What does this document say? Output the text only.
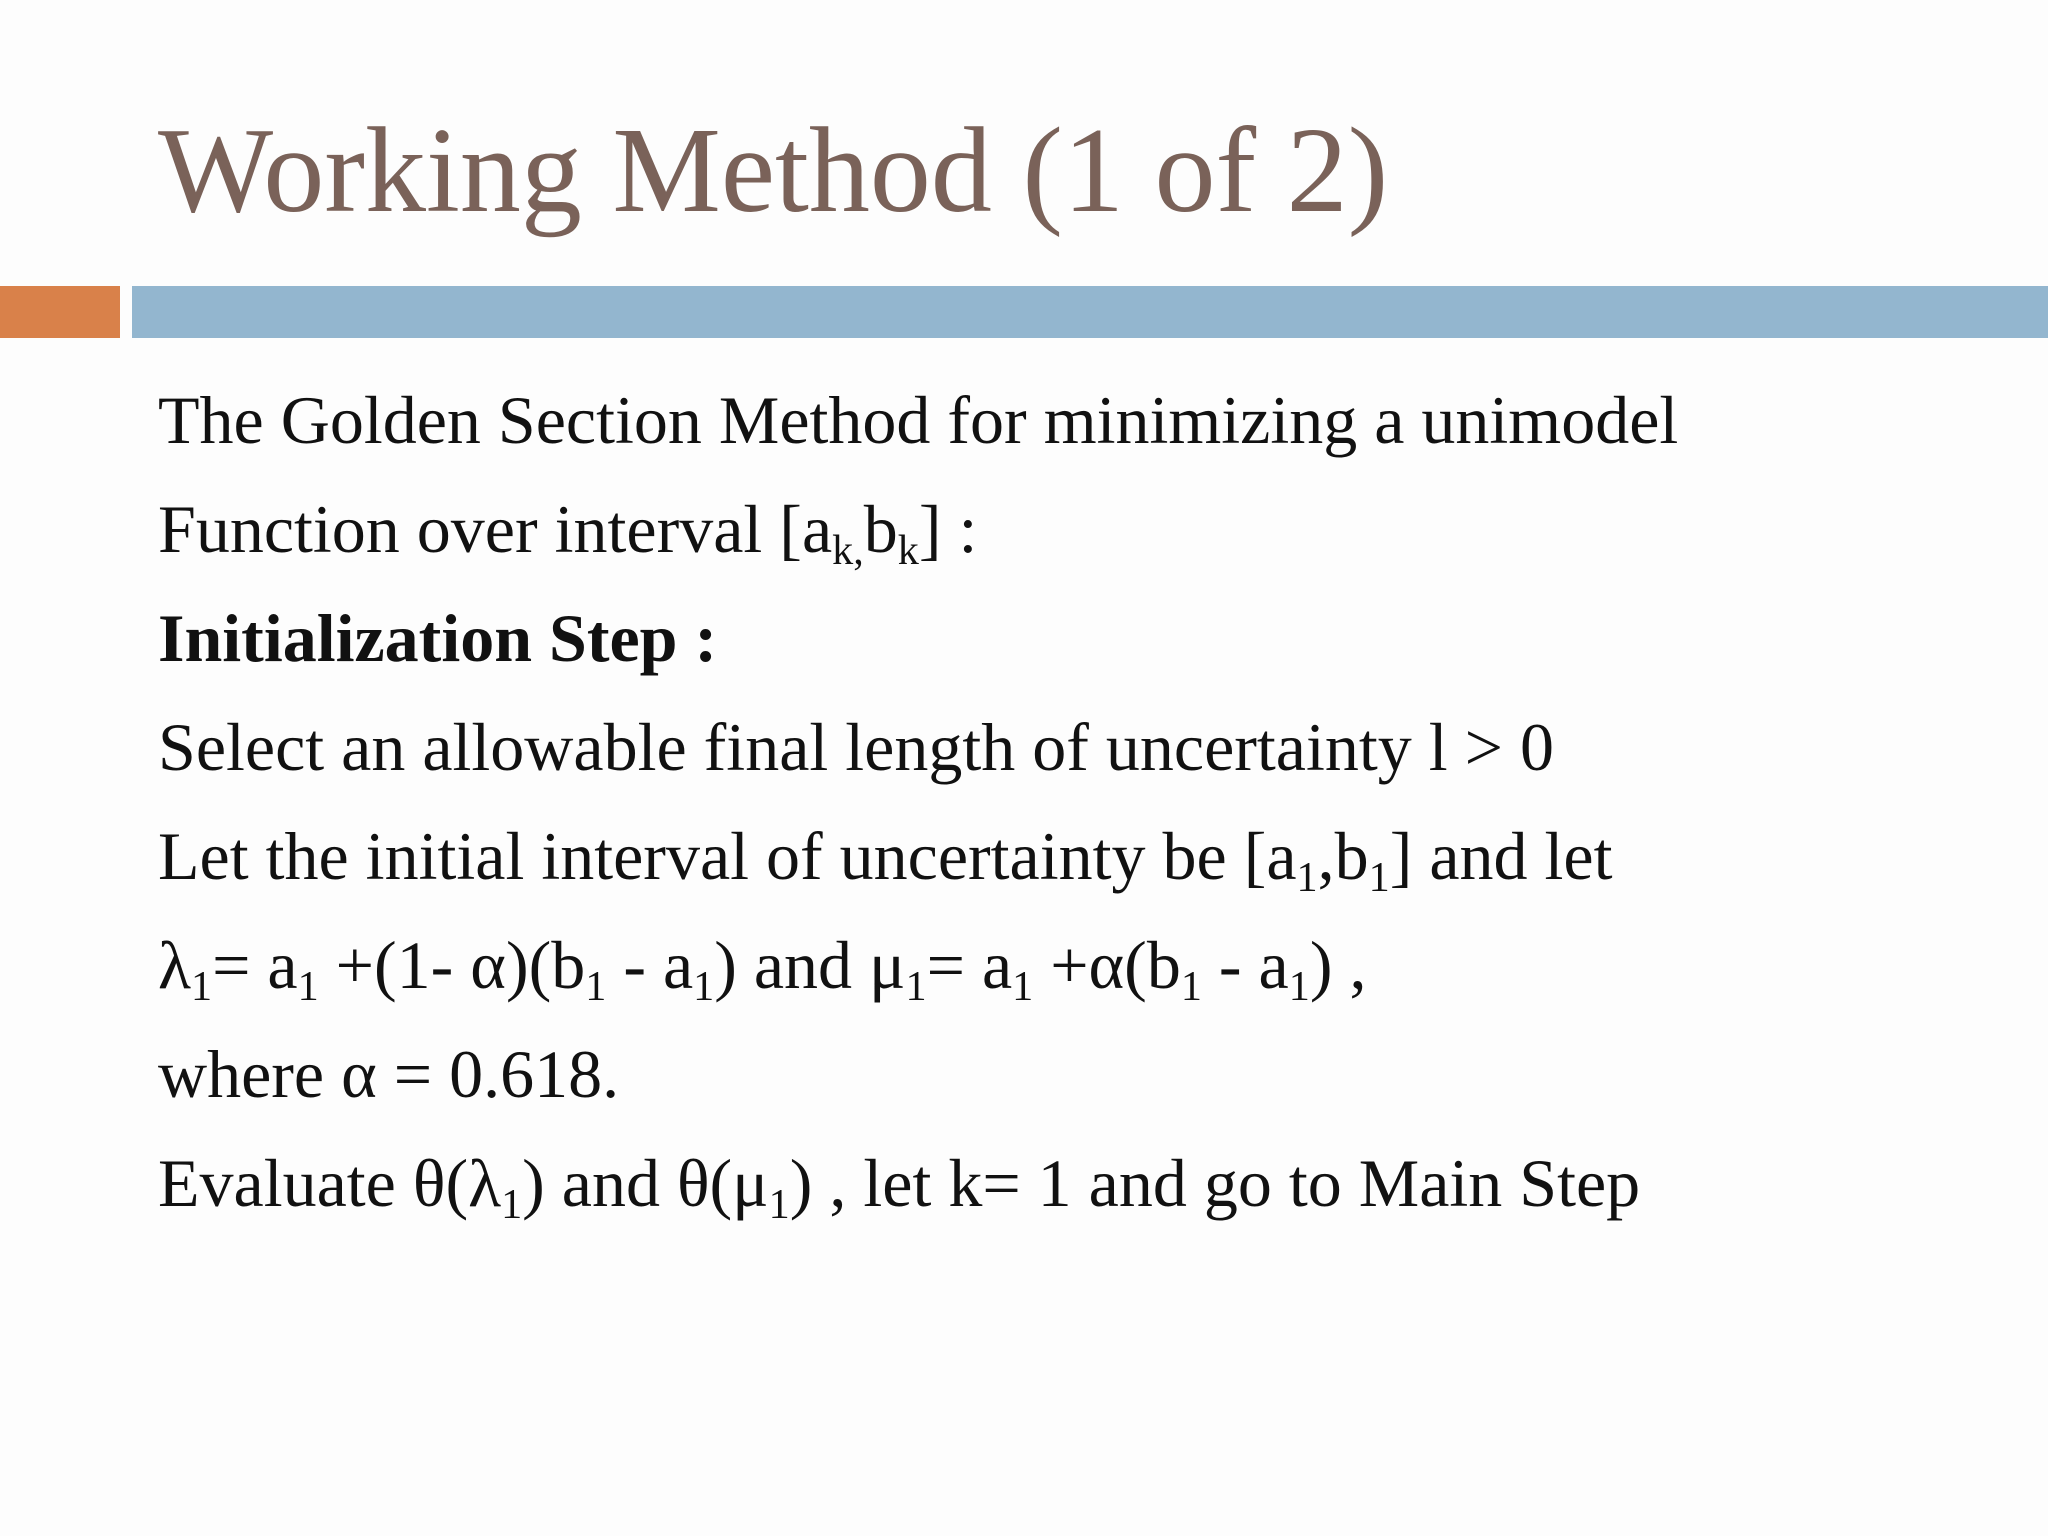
Working Method (1 of 2)
The Golden Section Method for minimizing a unimodel
Function over interval $[a_{k,}b_k]$ :
Initialization Step :
Select an allowable final length of uncertainty l > 0
Let the initial interval of uncertainty be $[a_1,b_1]$ and let
$\lambda_1= a_1 +(1-$ $\alpha)(b_1 - a_1)$ and $\mu_1= a_1 +\alpha(b_1 - a_1)$ ,
where α = 0.618.
Evaluate $\theta(\lambda_1)$ and $\theta(\mu_1)$ , let k= 1 and go to Main Step
